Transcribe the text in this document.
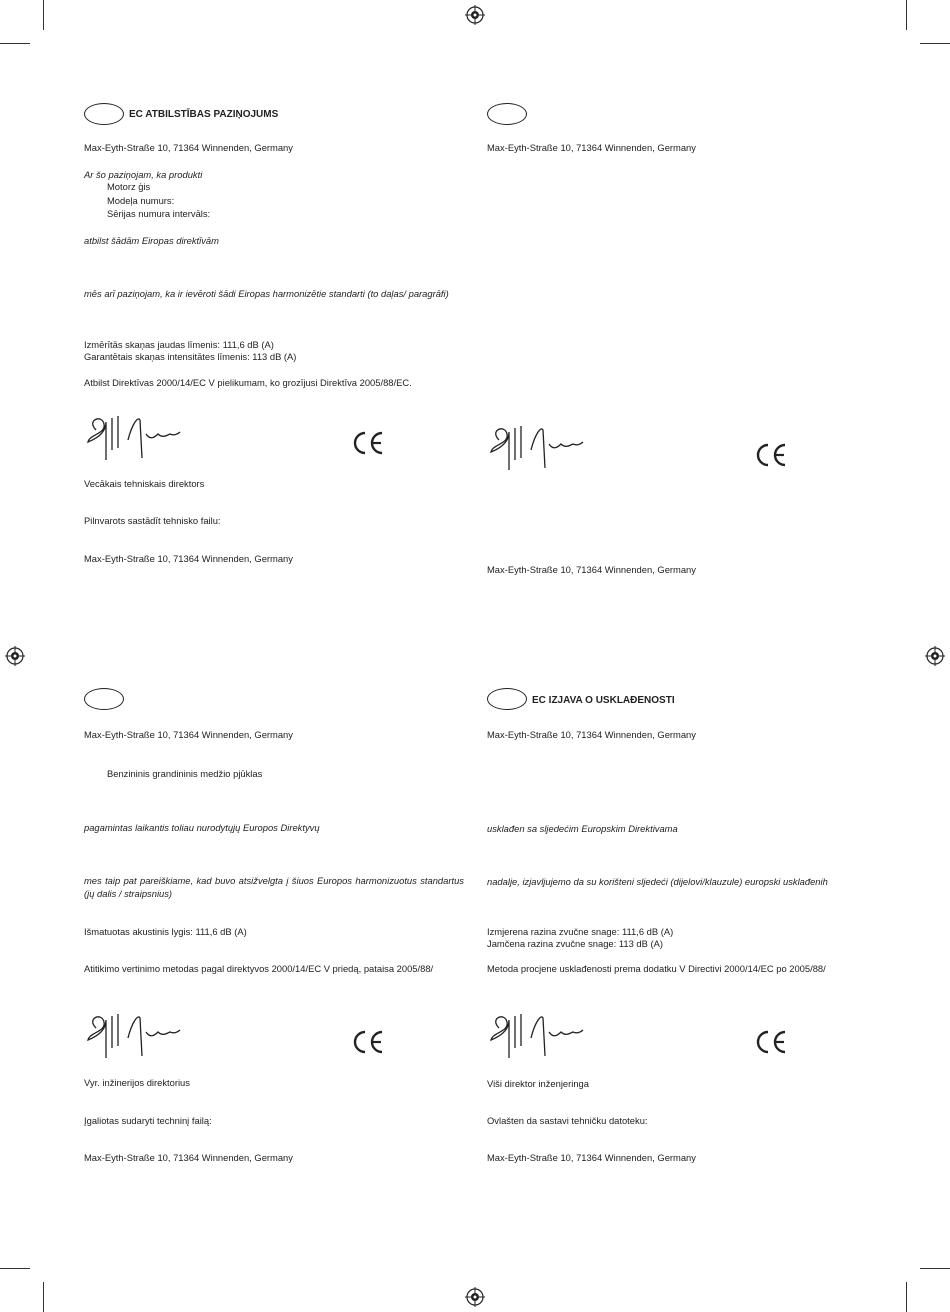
EC ATBILSTĪBAS PAZIŅOJUMS
Max-Eyth-Straße 10, 71364 Winnenden, Germany
Ar šo paziņojam, ka produkti
Motorz ģis
Modeļa numurs:
Sērijas numura intervāls:
atbilst šādām Eiropas direktīvām
mēs arī paziņojam, ka ir ievēroti šādi Eiropas harmonizētie standarti (to daļas/ paragrāfi)
Izmērītās skaņas jaudas līmenis: 111,6 dB (A)
Garantētais skaņas intensitātes līmenis: 113 dB (A)
Atbilst Direktīvas 2000/14/EC V pielikumam, ko grozījusi Direktīva 2005/88/EC.
Vecākais tehniskais direktors
Pilnvarots sastādīt tehnisko failu:
Max-Eyth-Straße 10, 71364 Winnenden, Germany
Max-Eyth-Straße 10, 71364 Winnenden, Germany
Max-Eyth-Straße 10, 71364 Winnenden, Germany
Max-Eyth-Straße 10, 71364 Winnenden, Germany
Benzininis grandininis medžio pjūklas
pagamintas laikantis toliau nurodytųjų Europos Direktyvų
mes taip pat pareiškiame, kad buvo atsižvelgta į šiuos Europos harmonizuotus standartus (jų dalis / straipsnius)
Išmatuotas akustinis lygis: 111,6 dB (A)
Atitikimo vertinimo metodas pagal direktyvos 2000/14/EC V priedą, pataisa 2005/88/
Vyr. inžinerijos direktorius
Įgaliotas sudaryti techninį failą:
Max-Eyth-Straße 10, 71364 Winnenden, Germany
EC IZJAVA O USKLAĐENOSTI
Max-Eyth-Straße 10, 71364 Winnenden, Germany
usklađen sa sljedećim Europskim Direktivama
nadalje, izjavljujemo da su korišteni sljedeći (dijelovi/klauzule) europski usklađenih
Izmjerena razina zvučne snage: 111,6 dB (A)
Jamčena razina zvučne snage: 113 dB (A)
Metoda procjene usklađenosti prema dodatku V Directivi 2000/14/EC po 2005/88/
Viši direktor inženjeringa
Ovlašten da sastavi tehničku datoteku:
Max-Eyth-Straße 10, 71364 Winnenden, Germany
